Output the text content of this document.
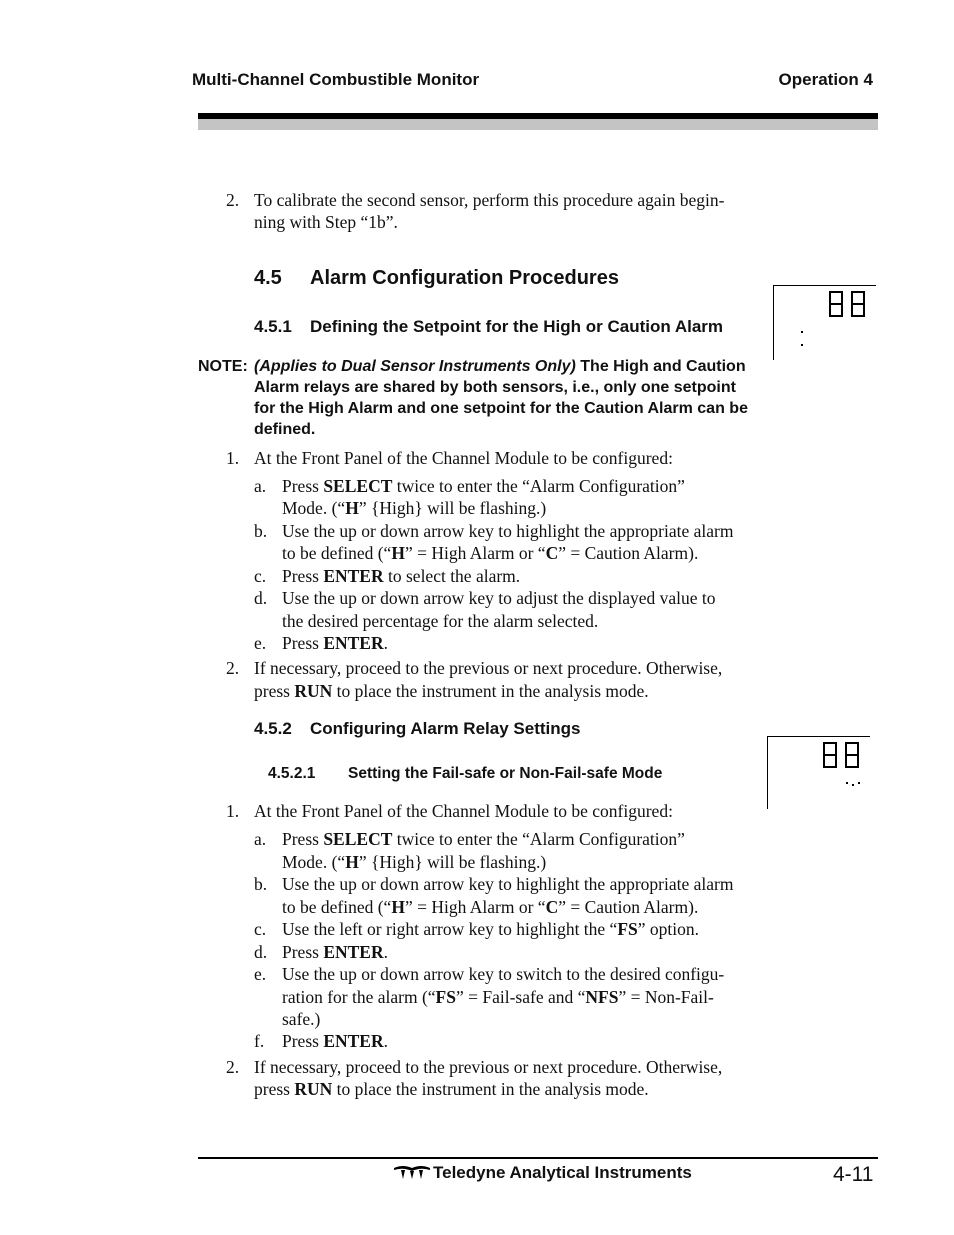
Multi-Channel Combustible Monitor	Operation 4
2. To calibrate the second sensor, perform this procedure again begin-
ning with Step “1b”.
4.5 Alarm Configuration Procedures
4.5.1 Defining the Setpoint for the High or Caution Alarm
NOTE: (Applies to Dual Sensor Instruments Only) The High and Caution Alarm relays are shared by both sensors, i.e., only one setpoint for the High Alarm and one setpoint for the Caution Alarm can be defined.
1. At the Front Panel of the Channel Module to be configured:
a. Press SELECT twice to enter the “Alarm Configuration”
Mode. (“H” {High} will be flashing.)
b. Use the up or down arrow key to highlight the appropriate alarm
to be defined (“H” = High Alarm or “C” = Caution Alarm).
c. Press ENTER to select the alarm.
d. Use the up or down arrow key to adjust the displayed value to
the desired percentage for the alarm selected.
e. Press ENTER.
2. If necessary, proceed to the previous or next procedure. Otherwise,
press RUN to place the instrument in the analysis mode.
4.5.2 Configuring Alarm Relay Settings
4.5.2.1 Setting the Fail-safe or Non-Fail-safe Mode
1. At the Front Panel of the Channel Module to be configured:
a. Press SELECT twice to enter the “Alarm Configuration”
Mode. (“H” {High} will be flashing.)
b. Use the up or down arrow key to highlight the appropriate alarm
to be defined (“H” = High Alarm or “C” = Caution Alarm).
c. Use the left or right arrow key to highlight the “FS” option.
d. Press ENTER.
e. Use the up or down arrow key to switch to the desired configu-
ration for the alarm (“FS” = Fail-safe and “NFS” = Non-Fail-
safe.)
f. Press ENTER.
2. If necessary, proceed to the previous or next procedure. Otherwise,
press RUN to place the instrument in the analysis mode.
Teledyne Analytical Instruments	4-11
